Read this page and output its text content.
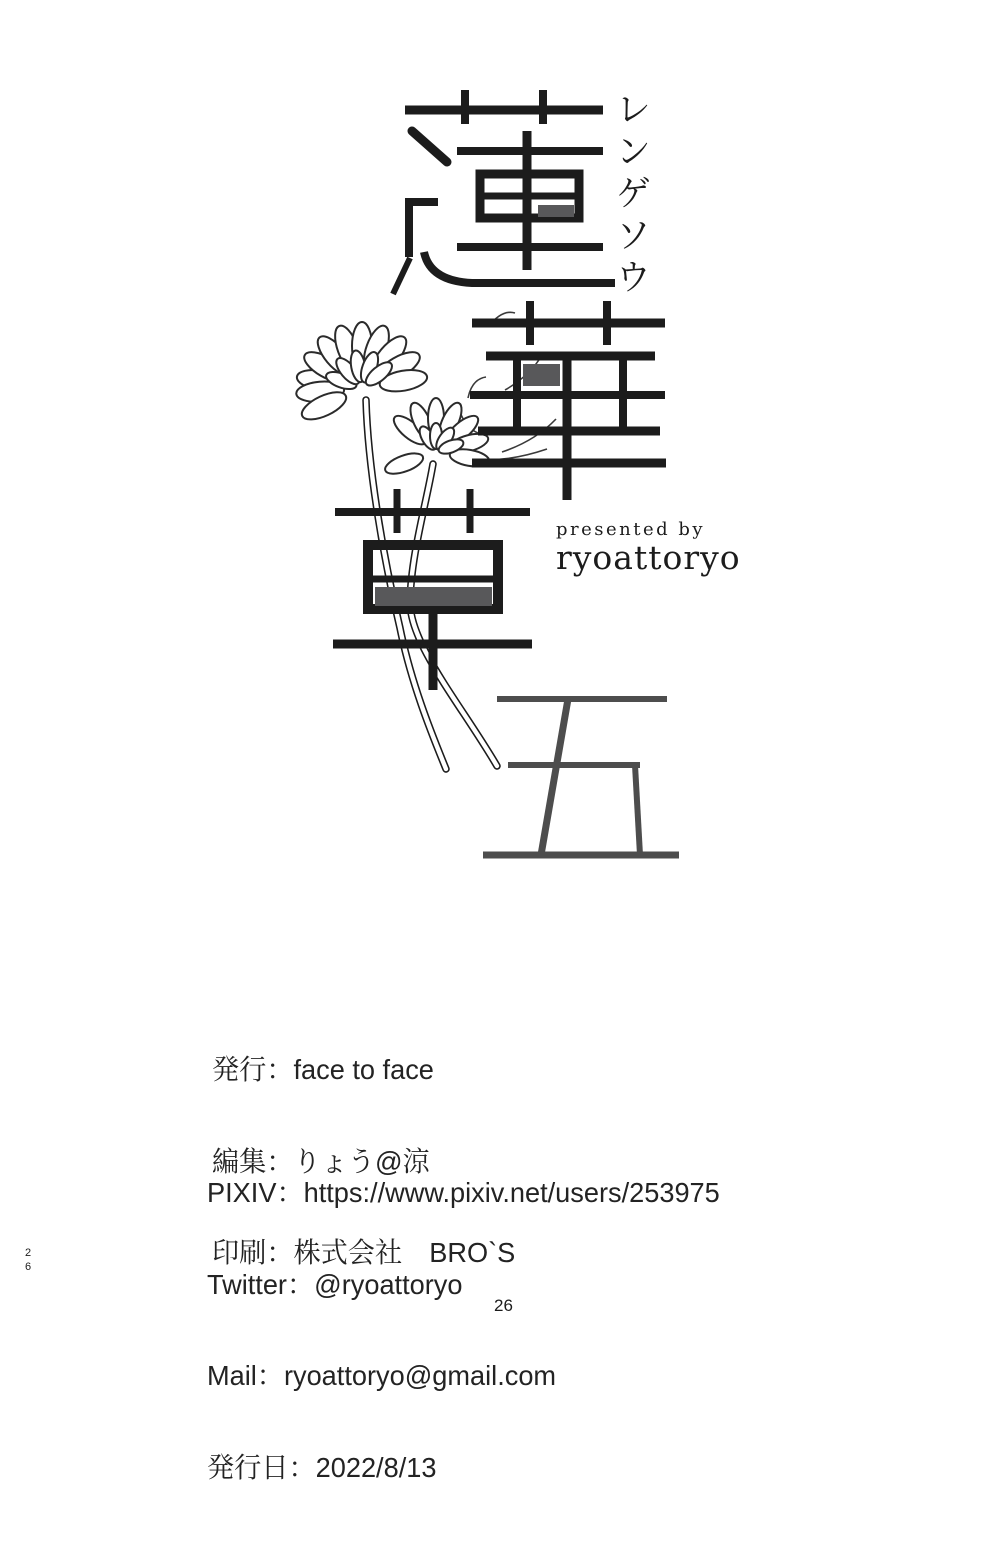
レンゲソウ
presented by
ryoattoryo

発行：face to face

編集：りょう@涼

印刷：株式会社　BRO`S

PIXIV：https://www.pixiv.net/users/253975

Twitter：@ryoattoryo

Mail：ryoattoryo@gmail.com

発行日：2022/8/13

26
26
